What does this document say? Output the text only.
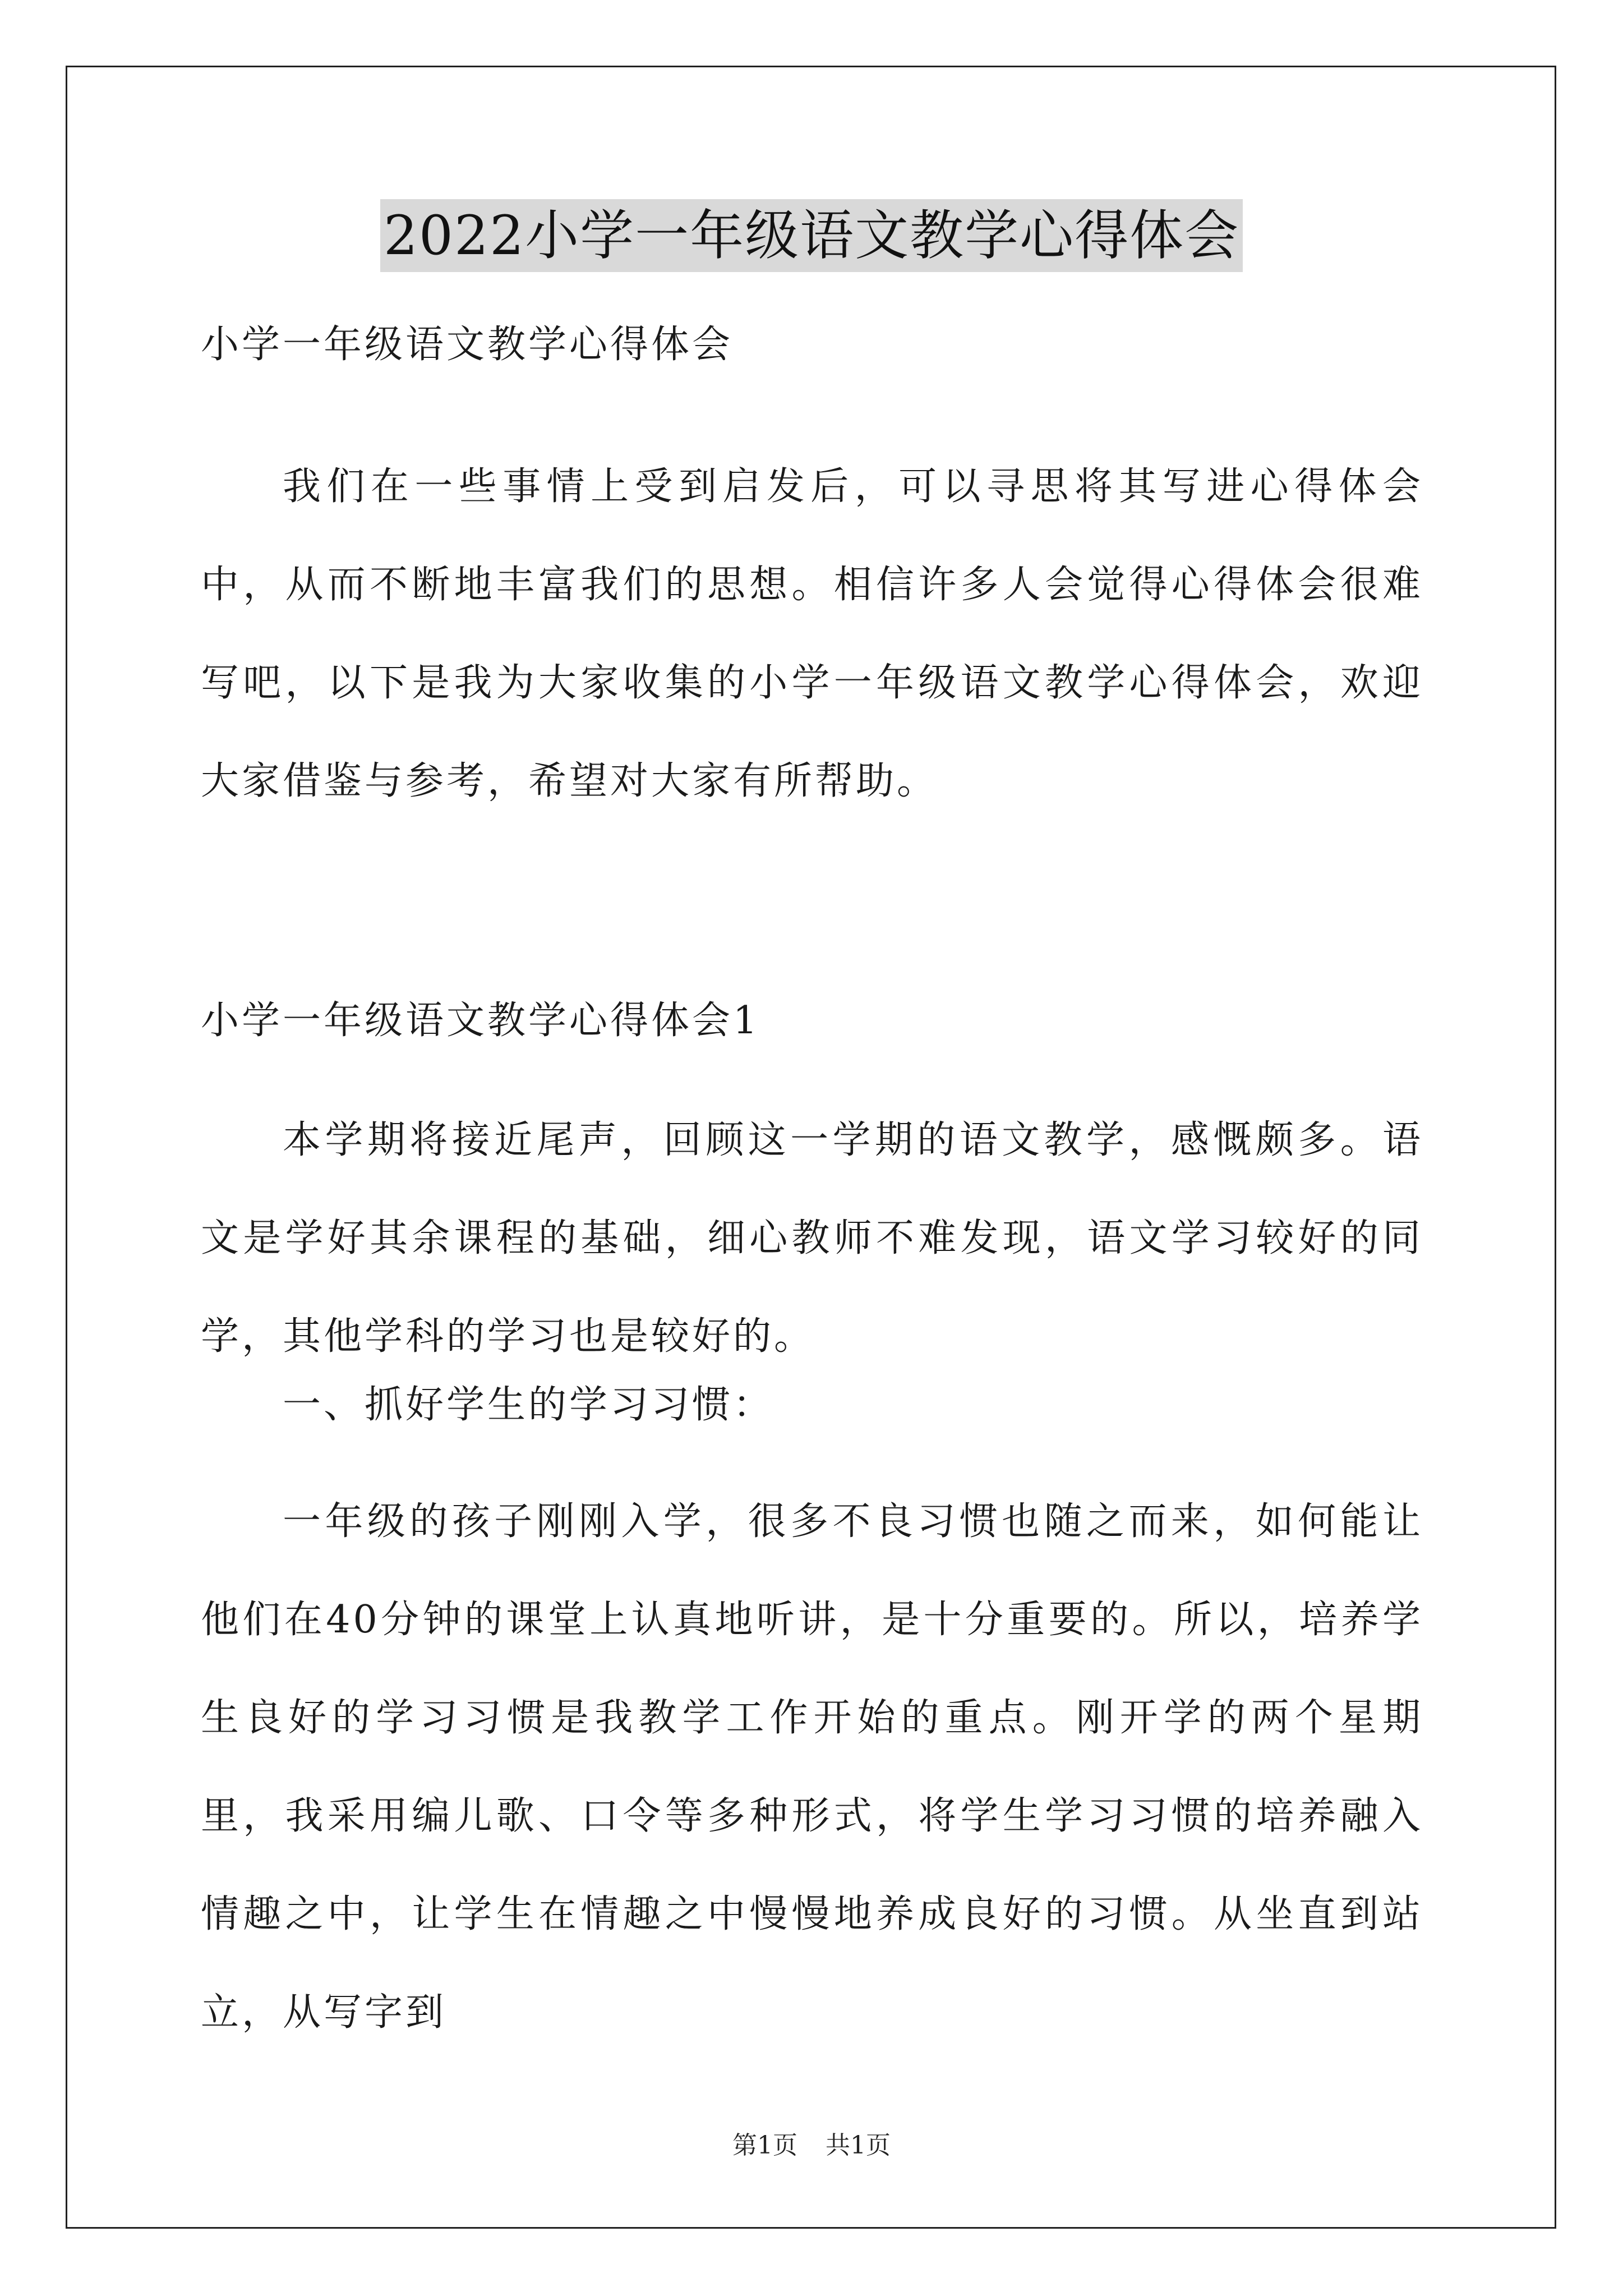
2022小学一年级语文教学心得体会
小学一年级语文教学心得体会

我们在一些事情上受到启发后，可以寻思将其写进心得体会中，从而不断地丰富我们的思想。相信许多人会觉得心得体会很难写吧，以下是我为大家收集的小学一年级语文教学心得体会，欢迎大家借鉴与参考，希望对大家有所帮助。

小学一年级语文教学心得体会1

本学期将接近尾声，回顾这一学期的语文教学，感慨颇多。语文是学好其余课程的基础，细心教师不难发现，语文学习较好的同学，其他学科的学习也是较好的。

一、抓好学生的学习习惯：

一年级的孩子刚刚入学，很多不良习惯也随之而来，如何能让他们在40分钟的课堂上认真地听讲，是十分重要的。所以，培养学生良好的学习习惯是我教学工作开始的重点。刚开学的两个星期里，我采用编儿歌、口令等多种形式，将学生学习习惯的培养融入情趣之中，让学生在情趣之中慢慢地养成良好的习惯。从坐直到站立，从写字到

第1页 共1页
